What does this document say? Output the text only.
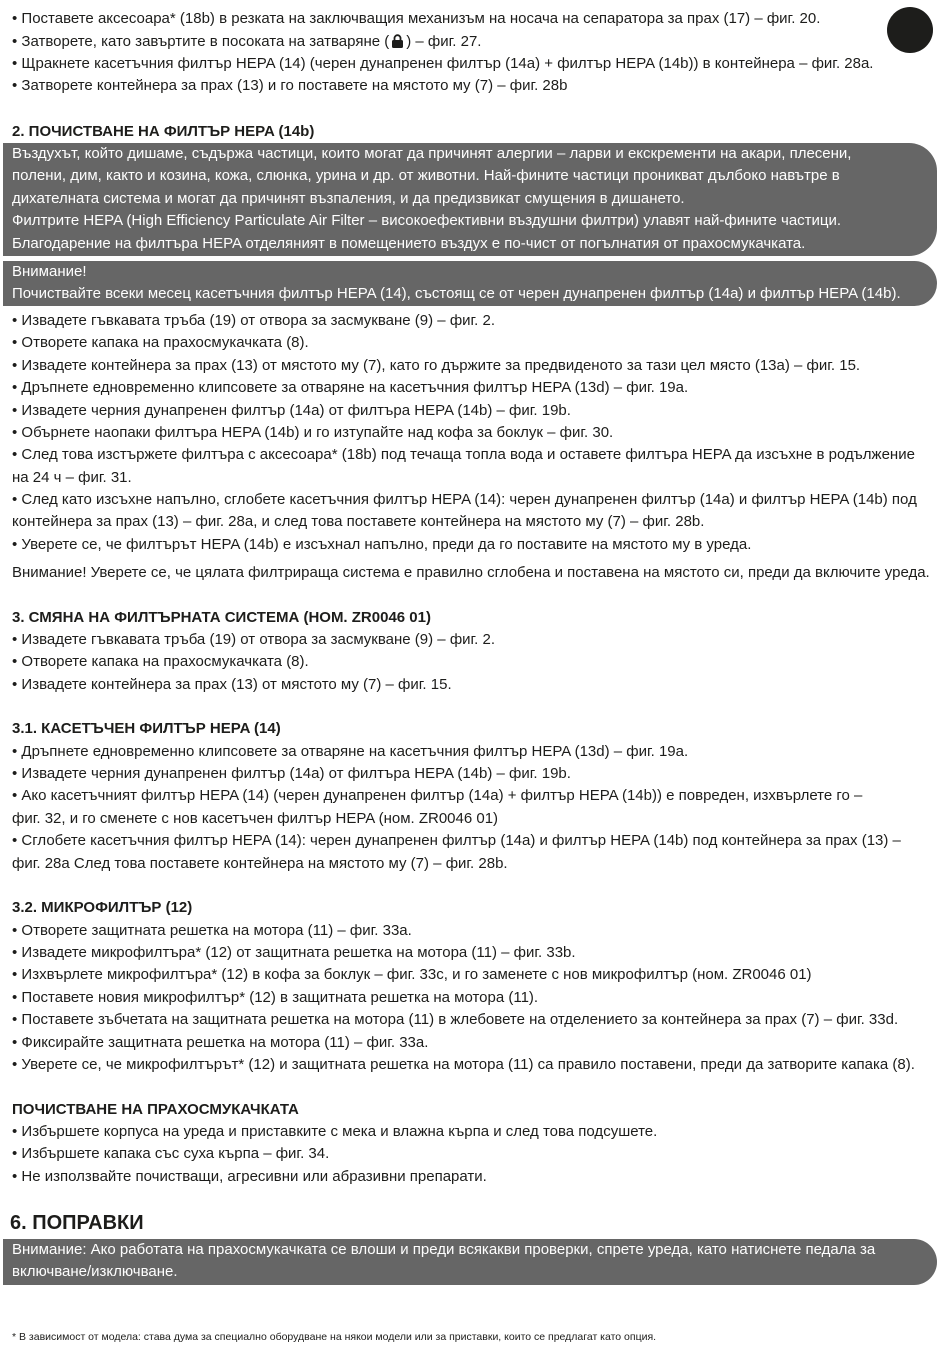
• Поставете аксесоара* (18b) в резката на заключващия механизъм на носача на сепаратора за прах (17) – фиг. 20.
• Затворете, като завъртите в посоката на затваряне ( ) – фиг. 27.
• Щракнете касетъчния филтър HEPA (14) (черен дунапренен филтър (14a) + филтър HEPA (14b)) в контейнера – фиг. 28a.
• Затворете контейнера за прах (13) и го поставете на мястото му (7) – фиг. 28b
2. ПОЧИСТВАНЕ НА ФИЛТЪР HEPA (14b)
Въздухът, който дишаме, съдържа частици, които могат да причинят алергии – ларви и екскременти на акари, плесени,
полени, дим, както и козина, кожа, слюнка, урина и др. от животни. Най-фините частици проникват дълбоко навътре в
дихателната система и могат да причинят възпаления, и да предизвикат смущения в дишането.
Филтрите HEPA (High Efficiency Particulate Air Filter – високоефективни въздушни филтри) улавят най-фините частици.
Благодарение на филтъра HEPA отделяният в помещението въздух е по-чист от погълнатия от прахосмукачката.
Внимание!
Почиствайте всеки месец касетъчния филтър HEPA (14), състоящ се от черен дунапренен филтър (14a) и филтър HEPA (14b).
• Извадете гъвкавата тръба (19) от отвора за засмукване (9) – фиг. 2.
• Отворете капака на прахосмукачката (8).
• Извадете контейнера за прах (13) от мястото му (7), като го държите за предвиденото за тази цел място (13a) – фиг. 15.
• Дръпнете едновременно клипсовете за отваряне на касетъчния филтър HEPA (13d) – фиг. 19a.
• Извадете черния дунапренен филтър (14a) от филтъра HEPA (14b) – фиг. 19b.
• Обърнете наопаки филтъра HEPA (14b) и го изтупайте над кофа за боклук – фиг. 30.
• След това изстържете филтъра с аксесоара* (18b) под течаща топла вода и оставете филтъра HEPA да изсъхне в родължение
на 24 ч – фиг. 31.
• След като изсъхне напълно, сглобете касетъчния филтър HEPA (14): черен дунапренен филтър (14a) и филтър HEPA (14b) под
контейнера за прах (13) – фиг. 28a, и след това поставете контейнера на мястото му (7) – фиг. 28b.
• Уверете се, че филтърът HEPA (14b) е изсъхнал напълно, преди да го поставите на мястото му в уреда.
Внимание! Уверете се, че цялата филтрираща система е правилно сглобена и поставена на мястото си, преди да включите уреда.
3. СМЯНА НА ФИЛТЪРНАТА СИСТЕМА (НОМ. ZR0046 01)
• Извадете гъвкавата тръба (19) от отвора за засмукване (9) – фиг. 2.
• Отворете капака на прахосмукачката (8).
• Извадете контейнера за прах (13) от мястото му (7) – фиг. 15.
3.1. КАСЕТЪЧЕН ФИЛТЪР HEPA (14)
• Дръпнете едновременно клипсовете за отваряне на касетъчния филтър HEPA (13d) – фиг. 19a.
• Извадете черния дунапренен филтър (14a) от филтъра HEPA (14b) – фиг. 19b.
• Ако касетъчният филтър HEPA (14) (черен дунапренен филтър (14a) + филтър HEPA (14b)) е повреден, изхвърлете го –
фиг. 32, и го сменете с нов касетъчен филтър HEPA (ном. ZR0046 01)
• Сглобете касетъчния филтър HEPA (14): черен дунапренен филтър (14a) и филтър HEPA (14b) под контейнера за прах (13) –
фиг. 28a След това поставете контейнера на мястото му (7) – фиг. 28b.
3.2. МИКРОФИЛТЪР (12)
• Отворете защитната решетка на мотора (11) – фиг. 33a.
• Извадете микрофилтъра* (12) от защитната решетка на мотора (11) – фиг. 33b.
• Изхвърлете микрофилтъра* (12) в кофа за боклук – фиг. 33c, и го заменете с нов микрофилтър (ном. ZR0046 01)
• Поставете новия микрофилтър* (12) в защитната решетка на мотора (11).
• Поставете зъбчетата на защитната решетка на мотора (11) в жлебовете на отделението за контейнера за прах (7) – фиг. 33d.
• Фиксирайте защитната решетка на мотора (11) – фиг. 33a.
• Уверете се, че микрофилтърът* (12) и защитната решетка на мотора (11) са правило поставени, преди да затворите капака (8).
ПОЧИСТВАНЕ НА ПРАХОСМУКАЧКАТА
• Избършете корпуса на уреда и приставките с мека и влажна кърпа и след това подсушете.
• Избършете капака със суха кърпа – фиг. 34.
• Не използвайте почистващи, агресивни или абразивни препарати.
6. ПОПРАВКИ
Внимание: Ако работата на прахосмукачката се влоши и преди всякакви проверки, спрете уреда, като натиснете педала за
включване/изключване.
* В зависимост от модела: става дума за специално оборудване на някои модели или за приставки, които се предлагат като опция.
